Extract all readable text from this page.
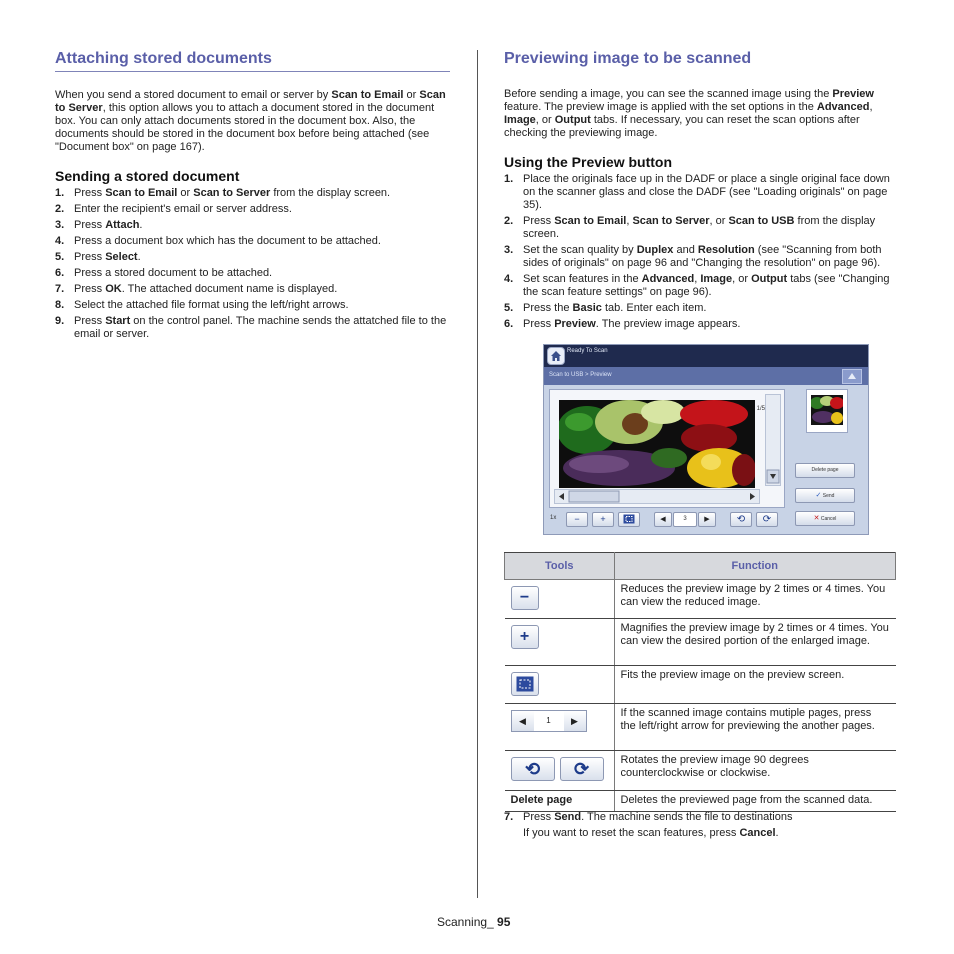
Attaching stored documents

When you send a stored document to email or server by Scan to Email or Scan to Server, this option allows you to attach a document stored in the document box. You can only attach documents stored in the document box. Also, the documents should be stored in the document box before being attached (see "Document box" on page 167).

Sending a stored document
1. Press Scan to Email or Scan to Server from the display screen.
2. Enter the recipient's email or server address.
3. Press Attach.
4. Press a document box which has the document to be attached.
5. Press Select.
6. Press a stored document to be attached.
7. Press OK. The attached document name is displayed.
8. Select the attached file format using the left/right arrows.
9. Press Start on the control panel. The machine sends the attatched file to the email or server.
Previewing image to be scanned

Before sending a image, you can see the scanned image using the Preview feature. The preview image is applied with the set options in the Advanced, Image, or Output tabs. If necessary, you can reset the scan options after checking the previewing image.

Using the Preview button
1. Place the originals face up in the DADF or place a single original face down on the scanner glass and close the DADF (see "Loading originals" on page 35).
2. Press Scan to Email, Scan to Server, or Scan to USB from the display screen.
3. Set the scan quality by Duplex and Resolution (see "Scanning from both sides of originals" on page 96 and "Changing the resolution" on page 96).
4. Set scan features in the Advanced, Image, or Output tabs (see "Changing the scan feature settings" on page 96).
5. Press the Basic tab. Enter each item.
6. Press Preview. The preview image appears.
Ready To Scan
Scan to USB > Preview
1/5
Delete page
✓ Send
✕ Cancel
1x	−	+	◀	3	▶	⟲	⟳
Tools	Function
−	Reduces the preview image by 2 times or 4 times. You can view the reduced image.
+	Magnifies the preview image by 2 times or 4 times. You can view the desired portion of the enlarged image.
	Fits the preview image on the preview screen.
◀ 1 ▶	If the scanned image contains mutiple pages, press the left/right arrow for previewing the another pages.
⟲ ⟳	Rotates the preview image 90 degrees counterclockwise or clockwise.
Delete page	Deletes the previewed page from the scanned data.
7. Press Send. The machine sends the file to destinations

If you want to reset the scan features, press Cancel.

Scanning_ 95
